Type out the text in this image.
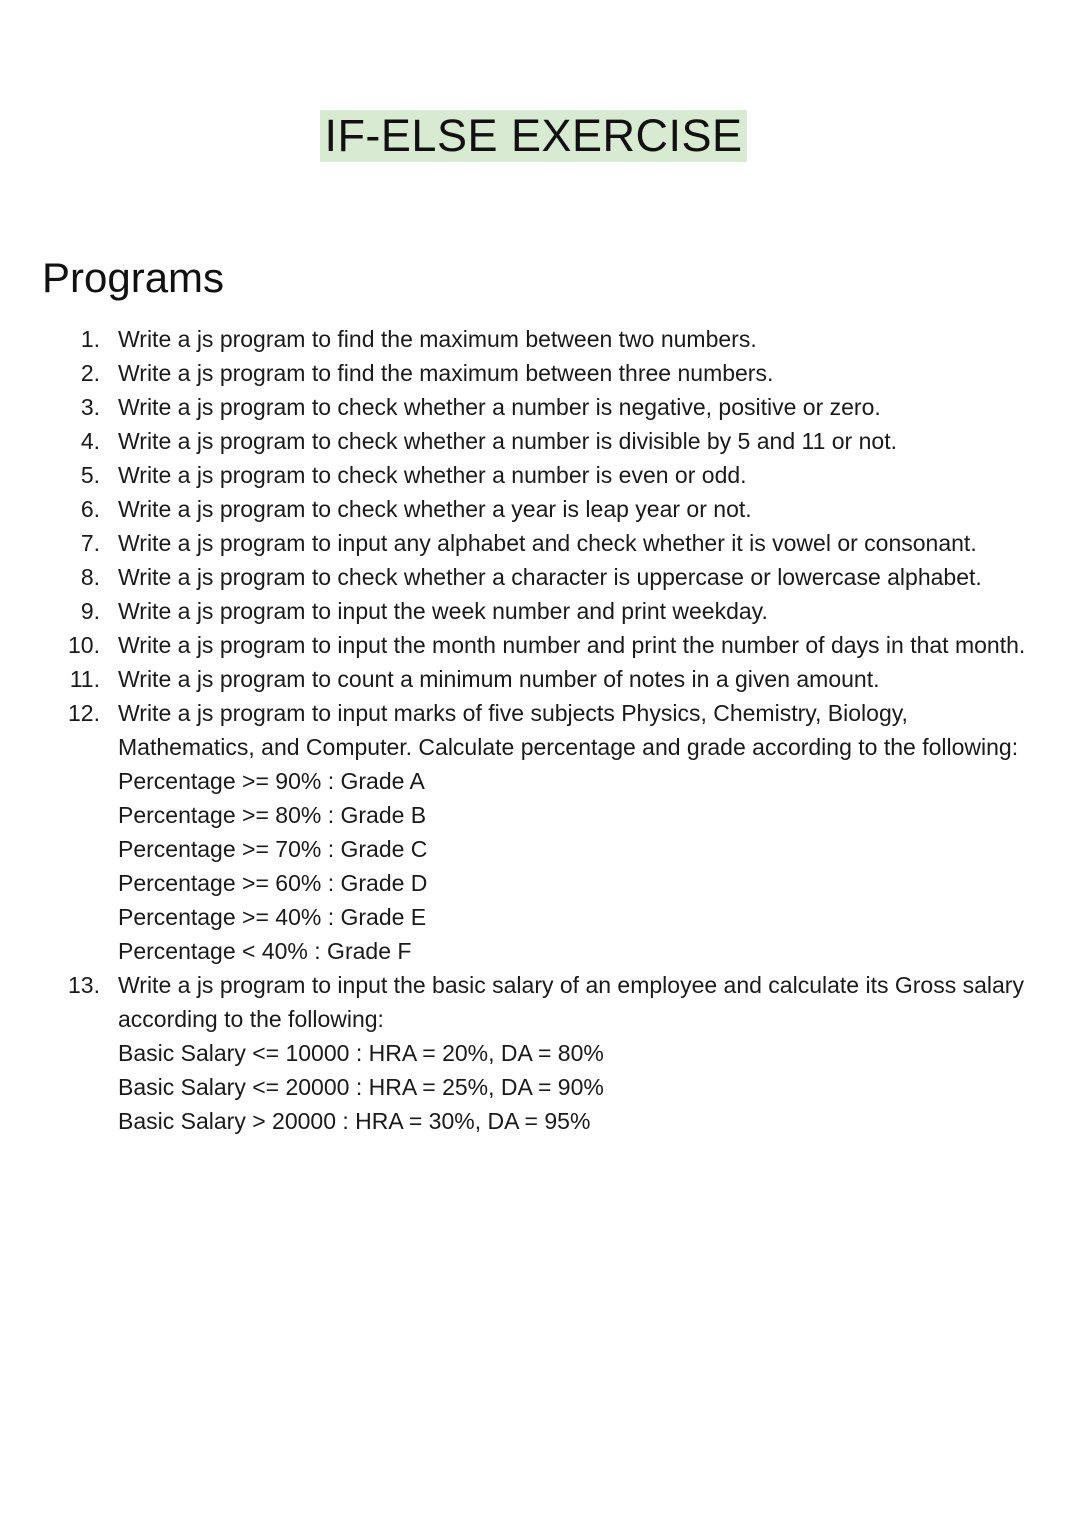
IF-ELSE EXERCISE
Programs
1. Write a js program to find the maximum between two numbers.
2. Write a js program to find the maximum between three numbers.
3. Write a js program to check whether a number is negative, positive or zero.
4. Write a js program to check whether a number is divisible by 5 and 11 or not.
5. Write a js program to check whether a number is even or odd.
6. Write a js program to check whether a year is leap year or not.
7. Write a js program to input any alphabet and check whether it is vowel or consonant.
8. Write a js program to check whether a character is uppercase or lowercase alphabet.
9. Write a js program to input the week number and print weekday.
10. Write a js program to input the month number and print the number of days in that month.
11. Write a js program to count a minimum number of notes in a given amount.
12. Write a js program to input marks of five subjects Physics, Chemistry, Biology, Mathematics, and Computer. Calculate percentage and grade according to the following:
Percentage >= 90% : Grade A
Percentage >= 80% : Grade B
Percentage >= 70% : Grade C
Percentage >= 60% : Grade D
Percentage >= 40% : Grade E
Percentage < 40% : Grade F
13. Write a js program to input the basic salary of an employee and calculate its Gross salary according to the following:
Basic Salary <= 10000 : HRA = 20%, DA = 80%
Basic Salary <= 20000 : HRA = 25%, DA = 90%
Basic Salary > 20000 : HRA = 30%, DA = 95%
